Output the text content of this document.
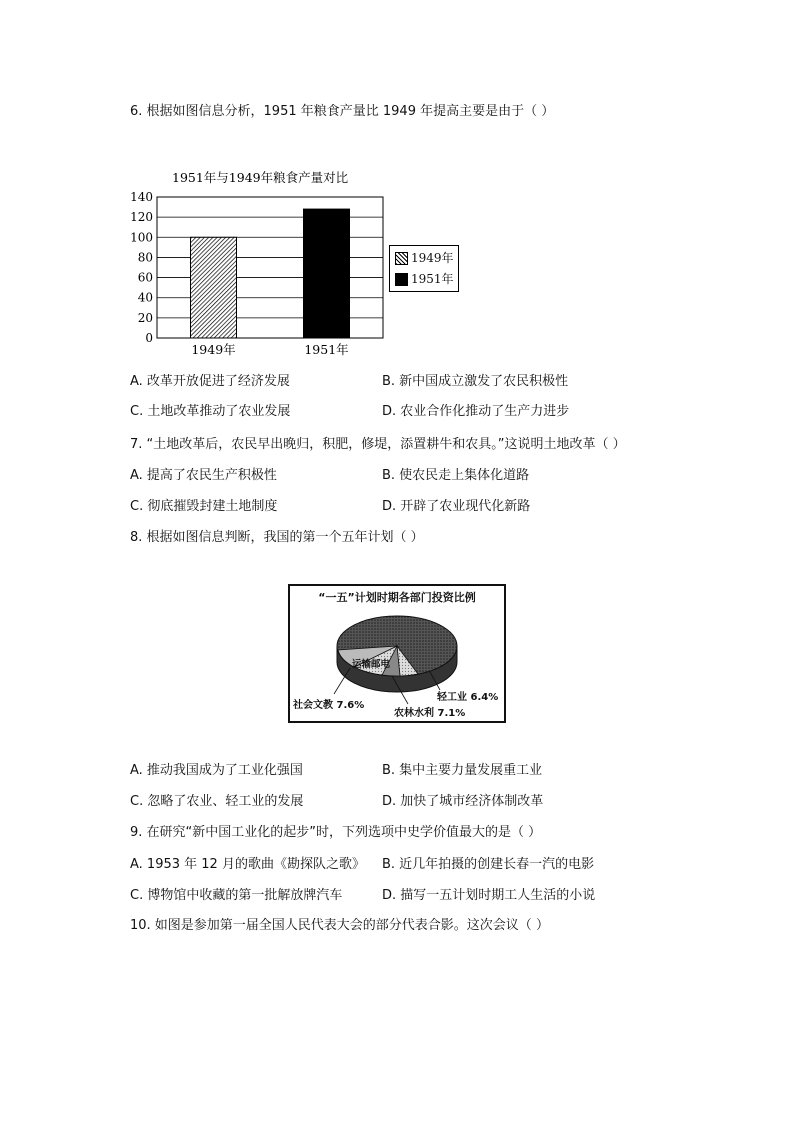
6. 根据如图信息分析，1951 年粮食产量比 1949 年提高主要是由于（ ）
1951年与1949年粮食产量对比
0
20
40
60
80
100
120
140
1949年	1951年
1949年
1951年
A. 改革开放促进了经济发展	B. 新中国成立激发了农民积极性
C. 土地改革推动了农业发展	D. 农业合作化推动了生产力进步
7. “土地改革后，农民早出晚归，积肥，修堤，添置耕牛和农具。”这说明土地改革（ ）
A. 提高了农民生产积极性	B. 使农民走上集体化道路
C. 彻底摧毁封建土地制度	D. 开辟了农业现代化新路
8. 根据如图信息判断，我国的第一个五年计划（ ）
“一五”计划时期各部门投资比例
运输邮电
轻工业 6.4%
农林水利 7.1%
社会文教 7.6%
A. 推动我国成为了工业化强国	B. 集中主要力量发展重工业
C. 忽略了农业、轻工业的发展	D. 加快了城市经济体制改革
9. 在研究“新中国工业化的起步”时，下列选项中史学价值最大的是（ ）
A. 1953 年 12 月的歌曲《勘探队之歌》 B. 近几年拍摄的创建长春一汽的电影
C. 博物馆中收藏的第一批解放牌汽车	D. 描写一五计划时期工人生活的小说
10. 如图是参加第一届全国人民代表大会的部分代表合影。这次会议（ ）
